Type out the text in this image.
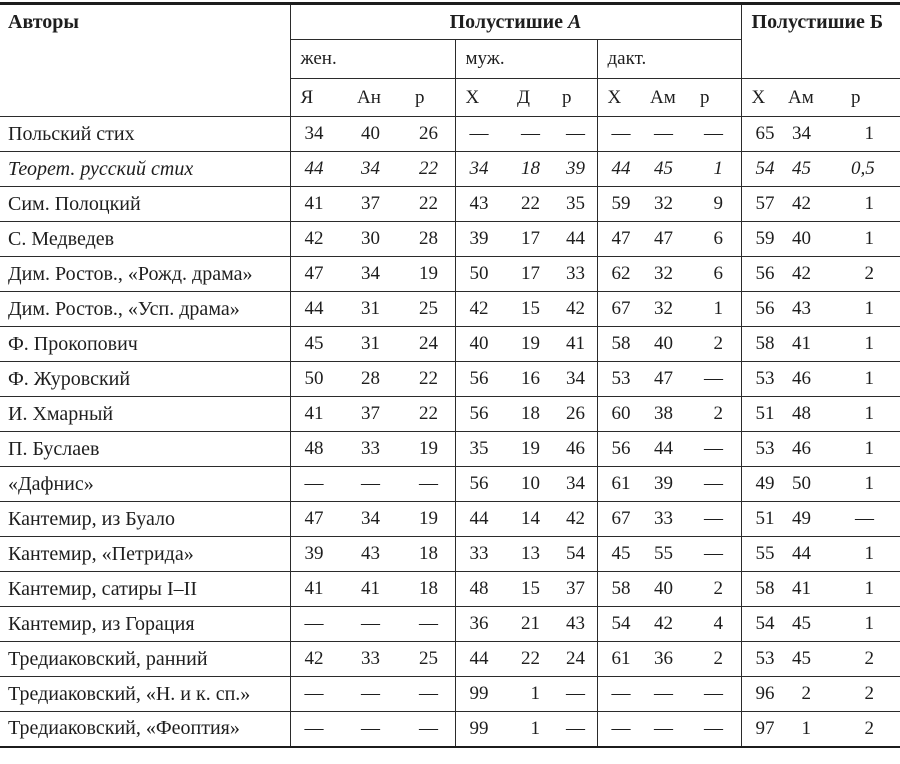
Авторы	Полустишие А									Полустишие Б		
	жен.			муж.			дакт.					
	Я	Ан	р	Х	Д	р	Х	Ам	р	Х	Ам	р
Польский стих	34	40	26	—	—	—	—	—	—	65	34	1
Теорет. русский стих	44	34	22	34	18	39	44	45	1	54	45	0,5
Сим. Полоцкий	41	37	22	43	22	35	59	32	9	57	42	1
С. Медведев	42	30	28	39	17	44	47	47	6	59	40	1
Дим. Ростов., «Рожд. драма»	47	34	19	50	17	33	62	32	6	56	42	2
Дим. Ростов., «Усп. драма»	44	31	25	42	15	42	67	32	1	56	43	1
Ф. Прокопович	45	31	24	40	19	41	58	40	2	58	41	1
Ф. Журовский	50	28	22	56	16	34	53	47	—	53	46	1
И. Хмарный	41	37	22	56	18	26	60	38	2	51	48	1
П. Буслаев	48	33	19	35	19	46	56	44	—	53	46	1
«Дафнис»	—	—	—	56	10	34	61	39	—	49	50	1
Кантемир, из Буало	47	34	19	44	14	42	67	33	—	51	49	—
Кантемир, «Петрида»	39	43	18	33	13	54	45	55	—	55	44	1
Кантемир, сатиры I–II	41	41	18	48	15	37	58	40	2	58	41	1
Кантемир, из Горация	—	—	—	36	21	43	54	42	4	54	45	1
Тредиаковский, ранний	42	33	25	44	22	24	61	36	2	53	45	2
Тредиаковский, «Н. и к. сп.»	—	—	—	99	1	—	—	—	—	96	2	2
Тредиаковский, «Феоптия»	—	—	—	99	1	—	—	—	—	97	1	2
